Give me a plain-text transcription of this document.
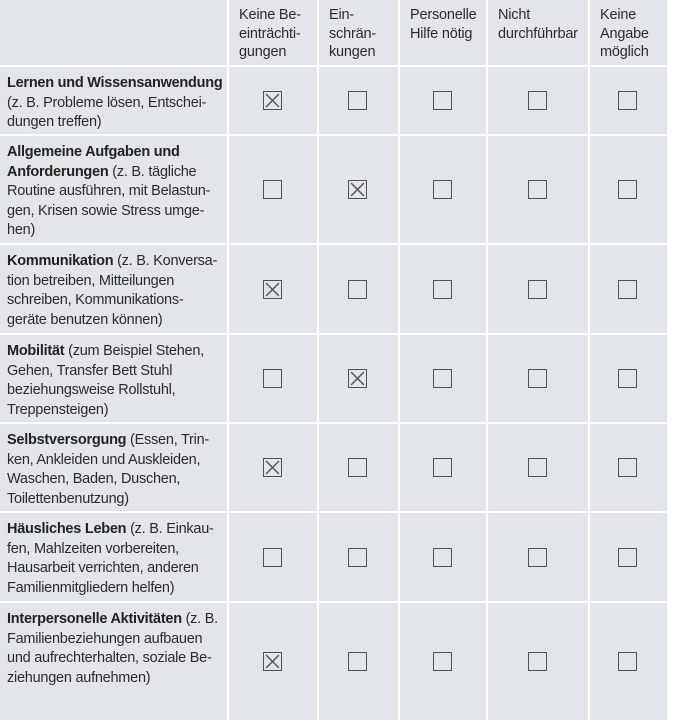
Keine Be-
einträchti-
gungen
Ein-
schrän-
kungen
Personelle
Hilfe nötig
Nicht
durchführbar
Keine
Angabe
möglich
Lernen und Wissensanwendung
(z. B. Probleme lösen, Entschei-
dungen treffen)
Allgemeine Aufgaben und
Anforderungen (z. B. tägliche
Routine ausführen, mit Belastun-
gen, Krisen sowie Stress umge-
hen)
Kommunikation (z. B. Konversa-
tion betreiben, Mitteilungen
schreiben, Kommunikations-
geräte benutzen können)
Mobilität (zum Beispiel Stehen,
Gehen, Transfer Bett Stuhl
beziehungsweise Rollstuhl,
Treppensteigen)
Selbstversorgung (Essen, Trin-
ken, Ankleiden und Auskleiden,
Waschen, Baden, Duschen,
Toilettenbenutzung)
Häusliches Leben (z. B. Einkau-
fen, Mahlzeiten vorbereiten,
Hausarbeit verrichten, anderen
Familienmitgliedern helfen)
Interpersonelle Aktivitäten (z. B.
Familienbeziehungen aufbauen
und aufrechterhalten, soziale Be-
ziehungen aufnehmen)
